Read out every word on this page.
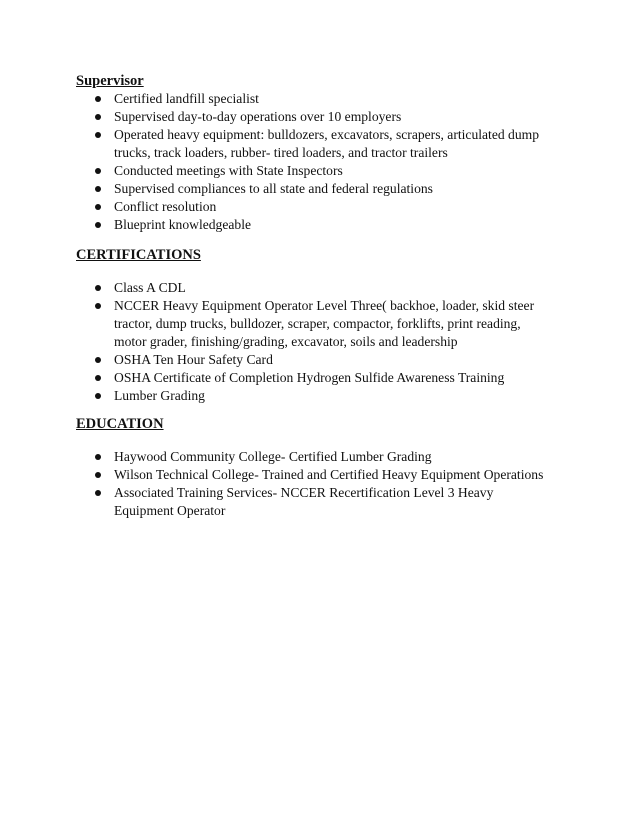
Supervisor

Certified landfill specialist
Supervised day-to-day operations over 10 employers
Operated heavy equipment: bulldozers, excavators, scrapers, articulated dump trucks, track loaders, rubber- tired loaders, and tractor trailers
Conducted meetings with State Inspectors
Supervised compliances to all state and federal regulations
Conflict resolution
Blueprint knowledgeable

CERTIFICATIONS

Class A CDL
NCCER Heavy Equipment Operator Level Three( backhoe, loader, skid steer tractor, dump trucks, bulldozer, scraper, compactor, forklifts, print reading, motor grader, finishing/grading, excavator, soils and leadership
OSHA Ten Hour Safety Card
OSHA Certificate of Completion Hydrogen Sulfide Awareness Training
Lumber Grading

EDUCATION

Haywood Community College- Certified Lumber Grading
Wilson Technical College- Trained and Certified Heavy Equipment Operations
Associated Training Services- NCCER Recertification Level 3 Heavy Equipment Operator
